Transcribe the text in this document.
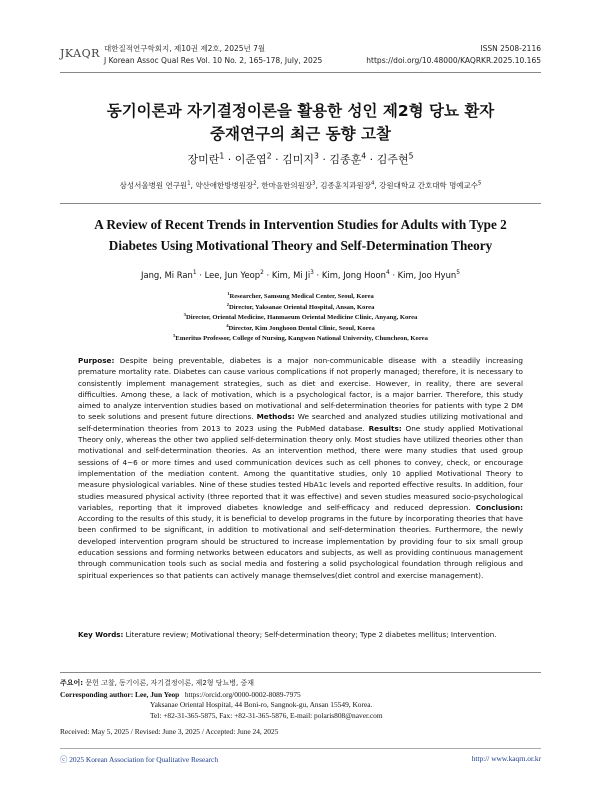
JKAQR 대한질적연구학회지, 제10권 제2호, 2025년 7월
J Korean Assoc Qual Res Vol. 10 No. 2, 165-178, July, 2025
ISSN 2508-2116
https://doi.org/10.48000/KAQRKR.2025.10.165
동기이론과 자기결정이론을 활용한 성인 제2형 당뇨 환자
중재연구의 최근 동향 고찰
장미란$^1$ · 이준엽$^2$ · 김미지$^3$ · 김종훈$^4$ · 김주현$^5$
삼성서울병원 연구원$^1$, 약산애한방병원장$^2$, 한마음한의원장$^3$, 김종훈치과원장$^4$, 강원대학교 간호대학 명예교수$^5$
A Review of Recent Trends in Intervention Studies for Adults with Type 2
Diabetes Using Motivational Theory and Self-Determination Theory
Jang, Mi Ran$^1$ · Lee, Jun Yeop$^2$ · Kim, Mi $Ji^3$ · Kim, Jong Hoon$^4$ · Kim, Joo Hyun$^5$
$^1$Researcher, Samsung Medical Center, Seoul, Korea
$^2$Director, Yaksanae Oriental Hospital, Ansan, Korea
$^3$Director, Oriental Medicine, Hanmaeum Oriental Medicine Clinic, Anyang, Korea
$^4$Director, Kim Jonghoon Dental Clinic, Seoul, Korea
$^5$Emeritus Professor, College of Nursing, Kangwon National University, Chuncheon, Korea
Purpose: Despite being preventable, diabetes is a major non-communicable disease with a steadily increasing premature mortality rate. Diabetes can cause various complications if not properly managed; therefore, it is necessary to consistently implement management strategies, such as diet and exercise. However, in reality, there are several difficulties. Among these, a lack of motivation, which is a psychological factor, is a major barrier. Therefore, this study aimed to analyze intervention studies based on motivational and self-determination theories for patients with type 2 DM to seek solutions and present future directions. Methods: We searched and analyzed studies utilizing motivational and self-determination theories from 2013 to 2023 using the PubMed database. Results: One study applied Motivational Theory only, whereas the other two applied self-determination theory only. Most studies have utilized theories other than motivational and self-determination theories. As an intervention method, there were many studies that used group sessions of 4~6 or more times and used communication devices such as cell phones to convey, check, or encourage implementation of the mediation content. Among the quantitative studies, only 10 applied Motivational Theory to measure physiological variables. Nine of these studies tested HbA1c levels and reported effective results. In addition, four studies measured physical activity (three reported that it was effective) and seven studies measured socio-psychological variables, reporting that it improved diabetes knowledge and self-efficacy and reduced depression. Conclusion: According to the results of this study, it is beneficial to develop programs in the future by incorporating theories that have been confirmed to be significant, in addition to motivational and self-determination theories. Furthermore, the newly developed intervention program should be structured to increase implementation by providing four to six small group education sessions and forming networks between educators and subjects, as well as providing continuous management through communication tools such as social media and fostering a solid psychological foundation through religious and spiritual experiences so that patients can actively manage themselves(diet control and exercise management).
Key Words: Literature review; Motivational theory; Self-determination theory; Type 2 diabetes mellitus; Intervention.
주요어: 문헌 고찰, 동기이론, 자기결정이론, 제2형 당뇨병, 중재
Corresponding author: Lee, Jun Yeop https://orcid.org/0000-0002-8089-7975
Yaksanae Oriental Hospital, 44 Boni-ro, Sangnok-gu, Ansan 15549, Korea.
Tel: +82-31-365-5875, Fax: +82-31-365-5876, E-mail: polaris808@naver.com
Received: May 5, 2025 / Revised: June 3, 2025 / Accepted: June 24, 2025
ⓒ 2025 Korean Association for Qualitative Research	http:// www.kaqrn.or.kr
